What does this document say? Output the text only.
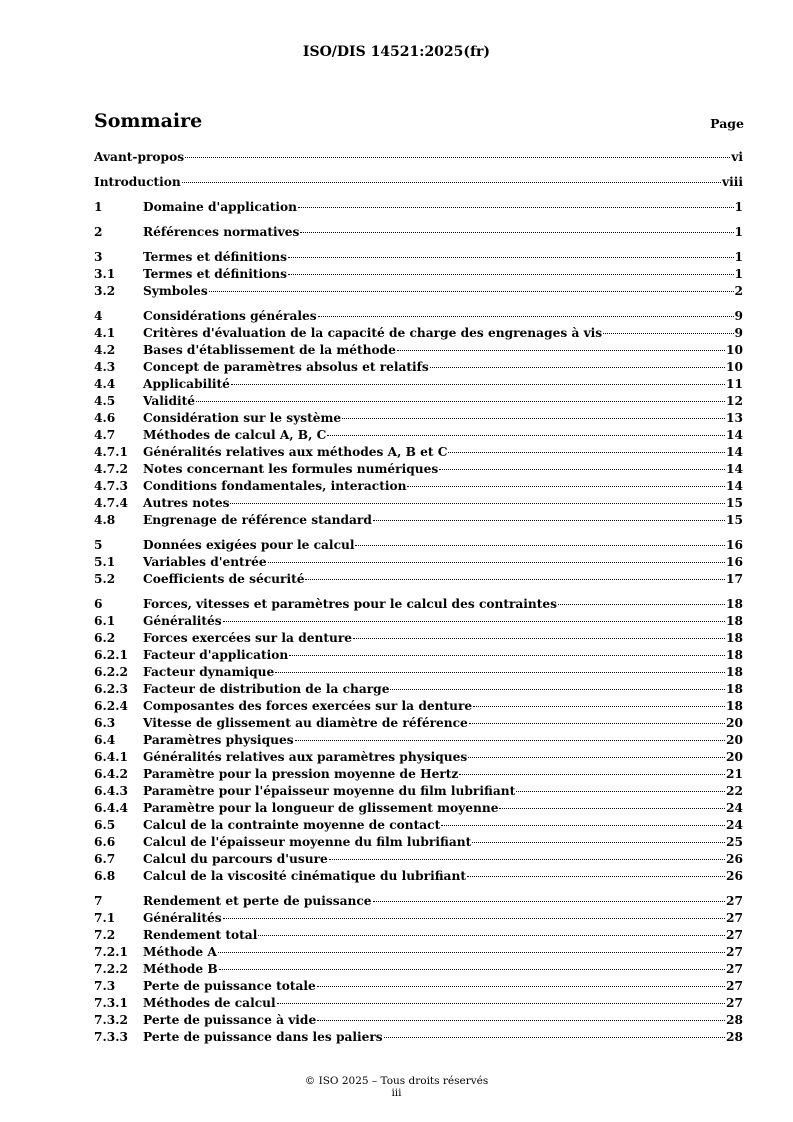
ISO/DIS 14521:2025(fr)
Sommaire	Page
Avant-propos	vi
Introduction	viii
1	Domaine d'application	1
2	Références normatives	1
3	Termes et définitions	1
3.1	Termes et définitions	1
3.2	Symboles	2
4	Considérations générales	9
4.1	Critères d'évaluation de la capacité de charge des engrenages à vis	9
4.2	Bases d'établissement de la méthode	10
4.3	Concept de paramètres absolus et relatifs	10
4.4	Applicabilité	11
4.5	Validité	12
4.6	Considération sur le système	13
4.7	Méthodes de calcul A, B, C	14
4.7.1	Généralités relatives aux méthodes A, B et C	14
4.7.2	Notes concernant les formules numériques	14
4.7.3	Conditions fondamentales, interaction	14
4.7.4	Autres notes	15
4.8	Engrenage de référence standard	15
5	Données exigées pour le calcul	16
5.1	Variables d'entrée	16
5.2	Coefficients de sécurité	17
6	Forces, vitesses et paramètres pour le calcul des contraintes	18
6.1	Généralités	18
6.2	Forces exercées sur la denture	18
6.2.1	Facteur d'application	18
6.2.2	Facteur dynamique	18
6.2.3	Facteur de distribution de la charge	18
6.2.4	Composantes des forces exercées sur la denture	18
6.3	Vitesse de glissement au diamètre de référence	20
6.4	Paramètres physiques	20
6.4.1	Généralités relatives aux paramètres physiques	20
6.4.2	Paramètre pour la pression moyenne de Hertz	21
6.4.3	Paramètre pour l'épaisseur moyenne du film lubrifiant	22
6.4.4	Paramètre pour la longueur de glissement moyenne	24
6.5	Calcul de la contrainte moyenne de contact	24
6.6	Calcul de l'épaisseur moyenne du film lubrifiant	25
6.7	Calcul du parcours d'usure	26
6.8	Calcul de la viscosité cinématique du lubrifiant	26
7	Rendement et perte de puissance	27
7.1	Généralités	27
7.2	Rendement total	27
7.2.1	Méthode A	27
7.2.2	Méthode B	27
7.3	Perte de puissance totale	27
7.3.1	Méthodes de calcul	27
7.3.2	Perte de puissance à vide	28
7.3.3	Perte de puissance dans les paliers	28
© ISO 2025 – Tous droits réservés
iii
